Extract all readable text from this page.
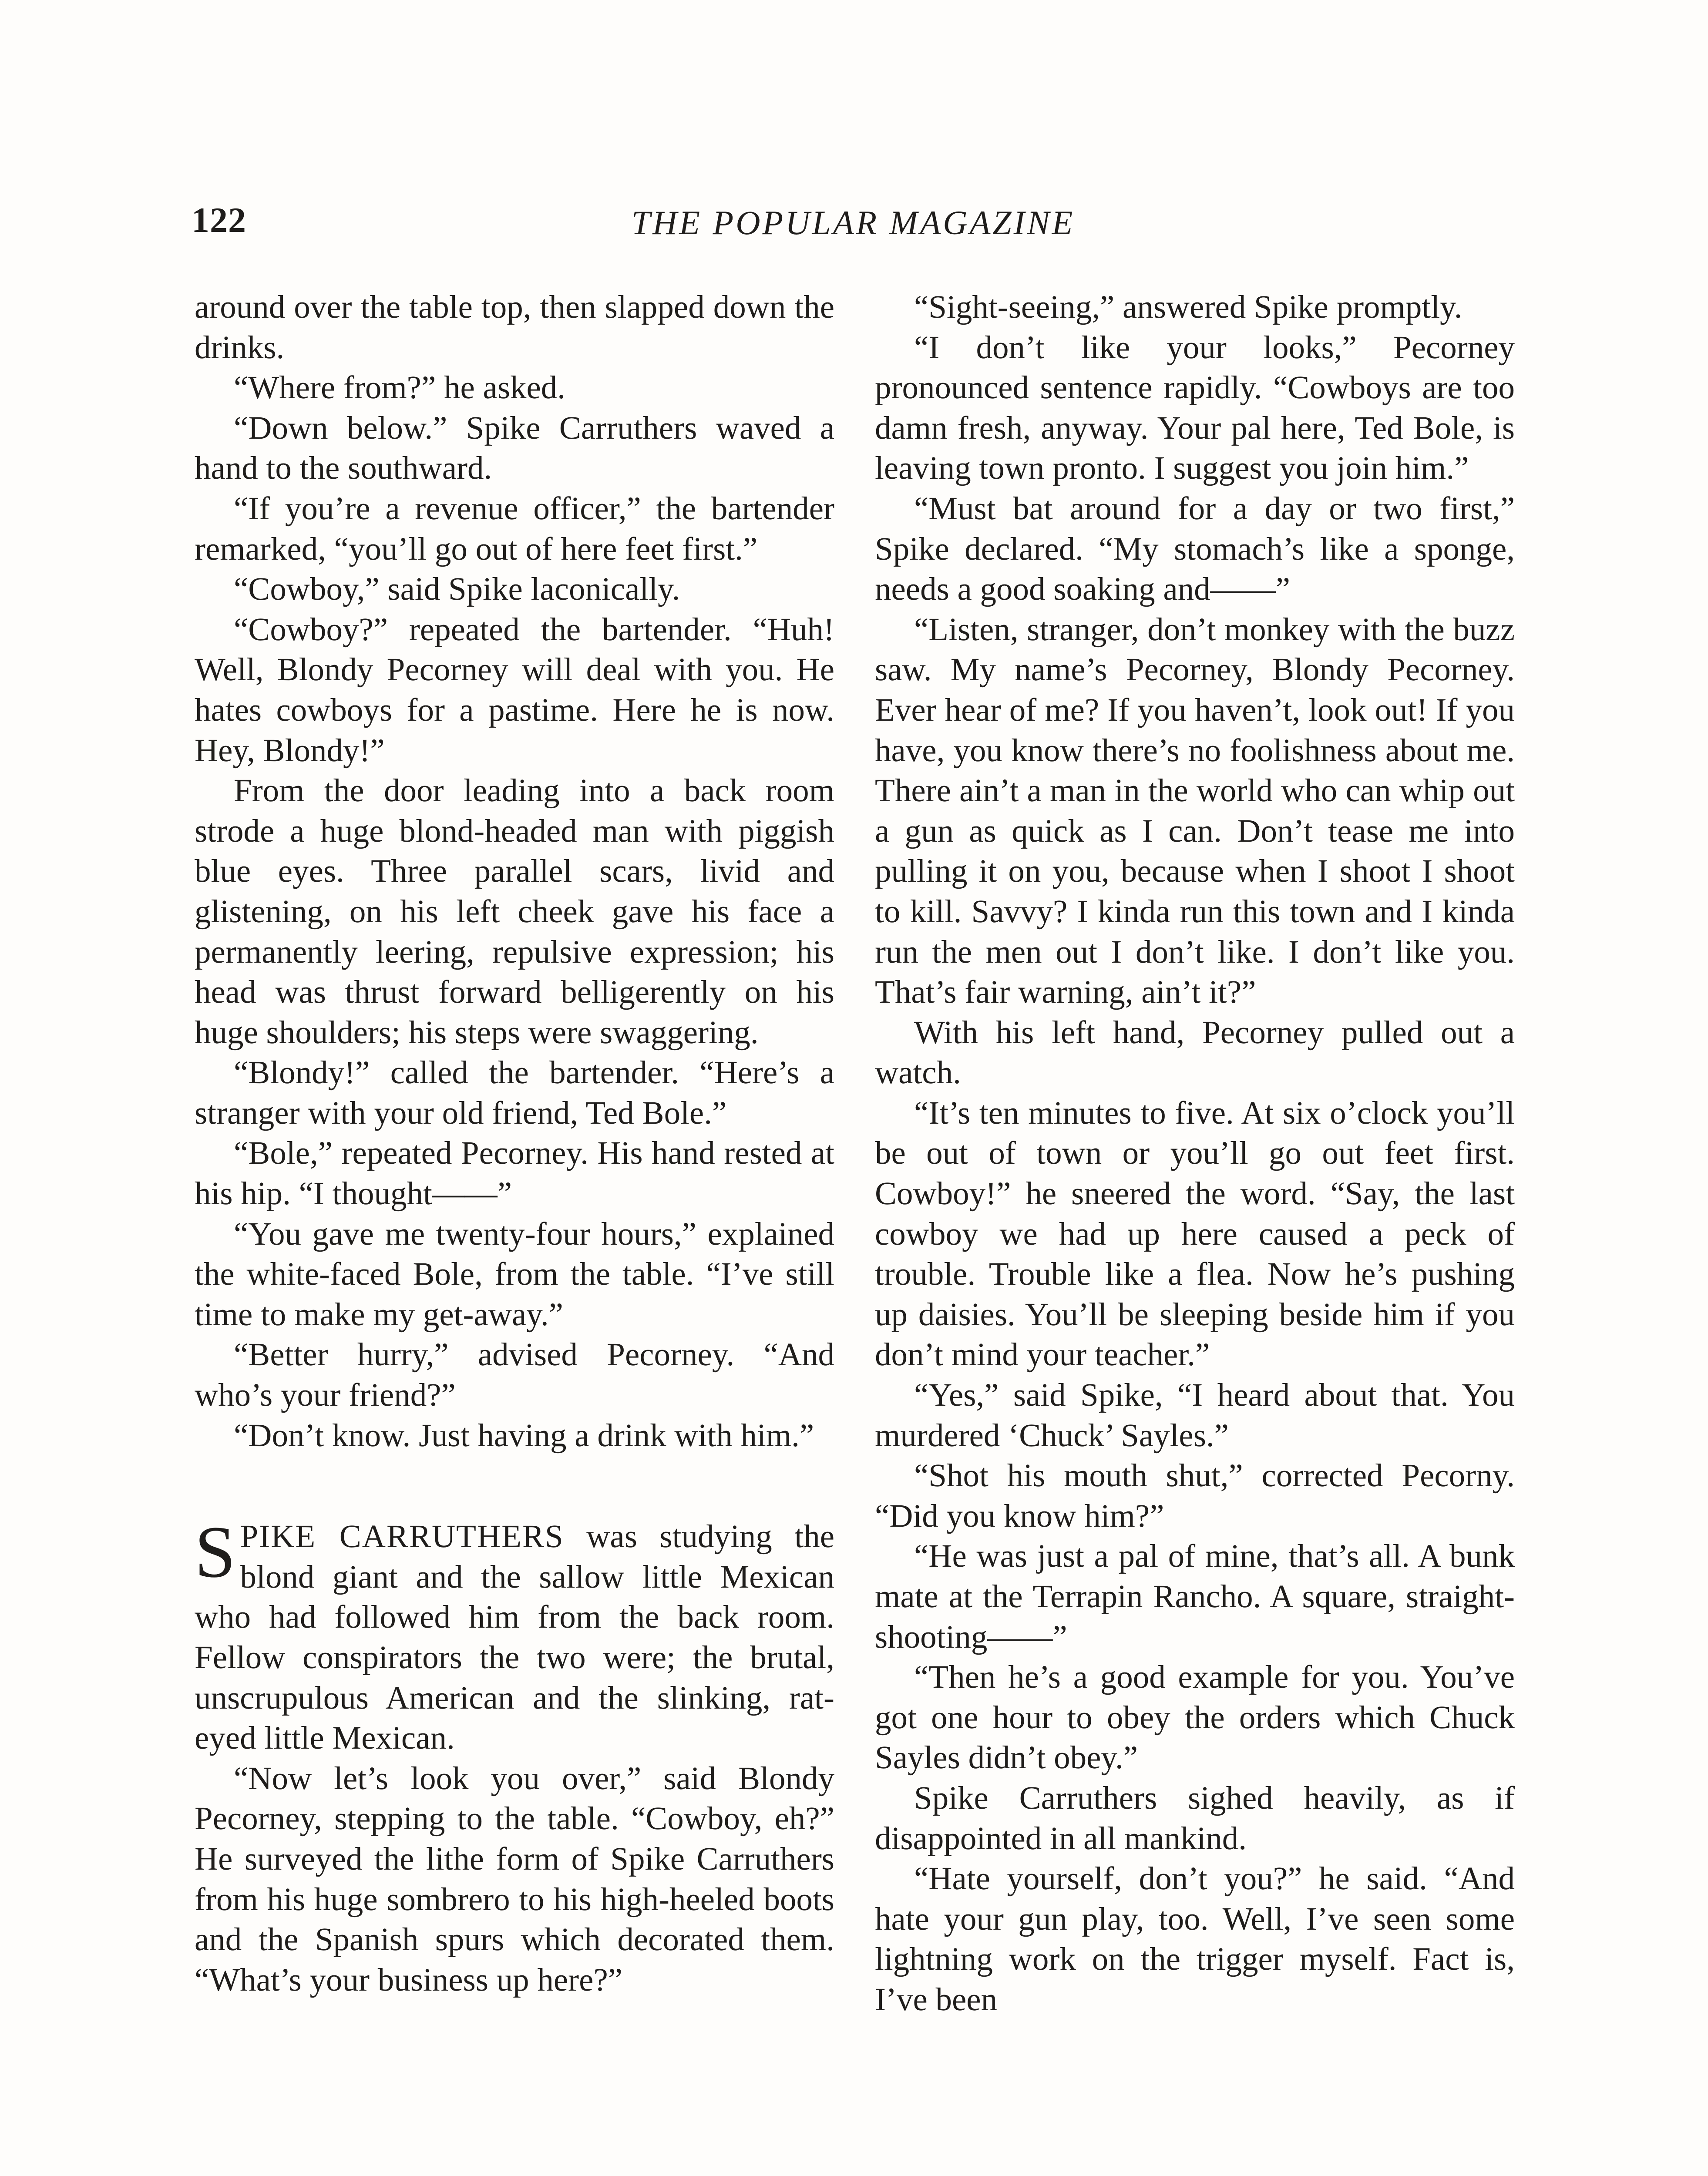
122	THE POPULAR MAGAZINE

around over the table top, then slapped down the drinks.

“Where from?” he asked.

“Down below.” Spike Carruthers waved a hand to the southward.

“If you’re a revenue officer,” the bartender remarked, “you’ll go out of here feet first.”

“Cowboy,” said Spike laconically.

“Cowboy?” repeated the bartender. “Huh! Well, Blondy Pecorney will deal with you. He hates cowboys for a pastime. Here he is now. Hey, Blondy!”

From the door leading into a back room strode a huge blond-headed man with piggish blue eyes. Three parallel scars, livid and glistening, on his left cheek gave his face a permanently leering, repulsive expression; his head was thrust forward belligerently on his huge shoulders; his steps were swaggering.

“Blondy!” called the bartender. “Here’s a stranger with your old friend, Ted Bole.”

“Bole,” repeated Pecorney. His hand rested at his hip. “I thought——”

“You gave me twenty-four hours,” explained the white-faced Bole, from the table. “I’ve still time to make my get-away.”

“Better hurry,” advised Pecorney. “And who’s your friend?”

“Don’t know. Just having a drink with him.”

SPIKE CARRUTHERS was studying the blond giant and the sallow little Mexican who had followed him from the back room. Fellow conspirators the two were; the brutal, unscrupulous American and the slinking, rat-eyed little Mexican.

“Now let’s look you over,” said Blondy Pecorney, stepping to the table. “Cowboy, eh?” He surveyed the lithe form of Spike Carruthers from his huge sombrero to his high-heeled boots and the Spanish spurs which decorated them. “What’s your business up here?”

“Sight-seeing,” answered Spike promptly.

“I don’t like your looks,” Pecorney pronounced sentence rapidly. “Cowboys are too damn fresh, anyway. Your pal here, Ted Bole, is leaving town pronto. I suggest you join him.”

“Must bat around for a day or two first,” Spike declared. “My stomach’s like a sponge, needs a good soaking and——”

“Listen, stranger, don’t monkey with the buzz saw. My name’s Pecorney, Blondy Pecorney. Ever hear of me? If you haven’t, look out! If you have, you know there’s no foolishness about me. There ain’t a man in the world who can whip out a gun as quick as I can. Don’t tease me into pulling it on you, because when I shoot I shoot to kill. Savvy? I kinda run this town and I kinda run the men out I don’t like. I don’t like you. That’s fair warning, ain’t it?”

With his left hand, Pecorney pulled out a watch.

“It’s ten minutes to five. At six o’clock you’ll be out of town or you’ll go out feet first. Cowboy!” he sneered the word. “Say, the last cowboy we had up here caused a peck of trouble. Trouble like a flea. Now he’s pushing up daisies. You’ll be sleeping beside him if you don’t mind your teacher.”

“Yes,” said Spike, “I heard about that. You murdered ‘Chuck’ Sayles.”

“Shot his mouth shut,” corrected Pecorny. “Did you know him?”

“He was just a pal of mine, that’s all. A bunk mate at the Terrapin Rancho. A square, straight-shooting——”

“Then he’s a good example for you. You’ve got one hour to obey the orders which Chuck Sayles didn’t obey.”

Spike Carruthers sighed heavily, as if disappointed in all mankind.

“Hate yourself, don’t you?” he said. “And hate your gun play, too. Well, I’ve seen some lightning work on the trigger myself. Fact is, I’ve been
